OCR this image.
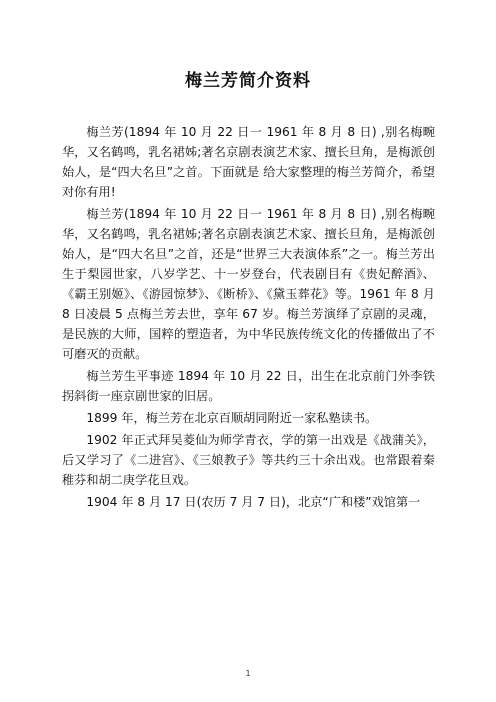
梅兰芳简介资料

梅兰芳(1894 年 10 月 22 日一 1961 年 8 月 8 日) ,别名梅畹华，又名鹤鸣，乳名裙姊;著名京剧表演艺术家、擅长旦角，是梅派创始人，是“四大名旦”之首。下面就是 给大家整理的梅兰芳简介，希望对你有用!

梅兰芳(1894 年 10 月 22 日一 1961 年 8 月 8 日) ,别名梅畹华，又名鹤鸣，乳名裙姊;著名京剧表演艺术家、擅长旦角，是梅派创始人，是“四大名旦”之首，还是“世界三大表演体系”之一。梅兰芳出生于梨园世家，八岁学艺、十一岁登台，代表剧目有《贵妃醉酒》、《霸王别姬》、《游园惊梦》、《断桥》、《黛玉葬花》等。1961 年 8 月 8 日凌晨 5 点梅兰芳去世，享年 67 岁。梅兰芳演绎了京剧的灵魂，是民族的大师，国粹的塑造者，为中华民族传统文化的传播做出了不可磨灭的贡献。

梅兰芳生平事迹 1894 年 10 月 22 日，出生在北京前门外李铁拐斜街一座京剧世家的旧居。

1899 年，梅兰芳在北京百顺胡同附近一家私塾读书。

1902 年正式拜吴菱仙为师学青衣，学的第一出戏是《战蒲关》，后又学习了《二进宫》、《三娘教子》等共约三十余出戏。也常跟着秦稚芬和胡二庚学花旦戏。

1904 年 8 月 17 日(农历 7 月 7 日)，北京“广和楼”戏馆第一

1
